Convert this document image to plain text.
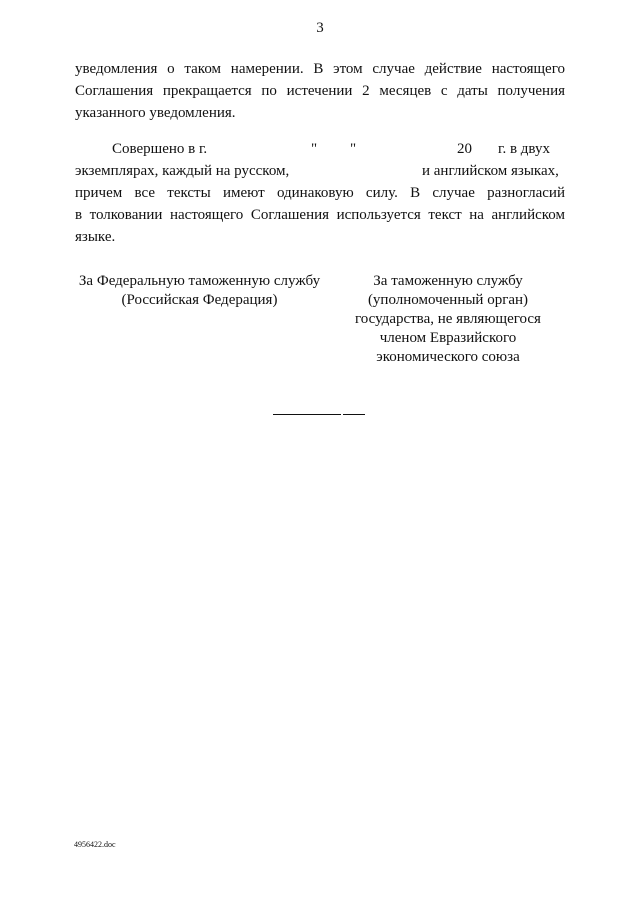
3
уведомления о таком намерении. В этом случае действие настоящего
Соглашения прекращается по истечении 2 месяцев с даты получения
указанного уведомления.
Совершено в г.	" "	20 г. в двух
экземплярах, каждый на русском,	и английском языках,
причем все тексты имеют одинаковую силу. В случае разногласий
в толковании настоящего Соглашения используется текст на английском
языке.
За Федеральную таможенную службу
(Российская Федерация)
За таможенную службу
(уполномоченный орган)
государства, не являющегося
членом Евразийского
экономического союза
4956422.doc
